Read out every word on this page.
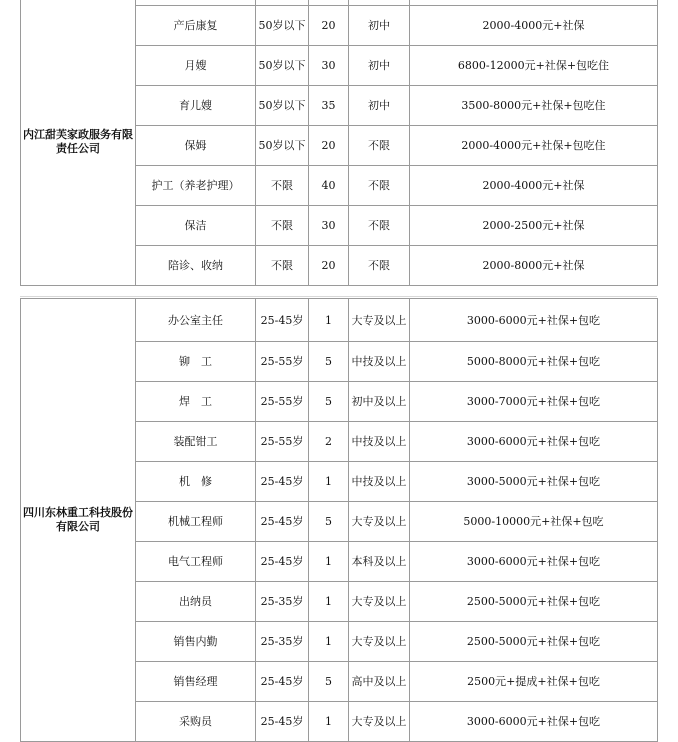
内江甜芙家政服务有限责任公司					
	产后康复	50岁以下	20	初中	2000-4000元+社保
	月嫂	50岁以下	30	初中	6800-12000元+社保+包吃住
	育儿嫂	50岁以下	35	初中	3500-8000元+社保+包吃住
	保姆	50岁以下	20	不限	2000-4000元+社保+包吃住
	护工（养老护理）	不限	40	不限	2000-4000元+社保
	保洁	不限	30	不限	2000-2500元+社保
	陪诊、收纳	不限	20	不限	2000-8000元+社保
四川东林重工科技股份有限公司	办公室主任	25-45岁	1	大专及以上	3000-6000元+社保+包吃
	铆　工	25-55岁	5	中技及以上	5000-8000元+社保+包吃
	焊　工	25-55岁	5	初中及以上	3000-7000元+社保+包吃
	装配钳工	25-55岁	2	中技及以上	3000-6000元+社保+包吃
	机　修	25-45岁	1	中技及以上	3000-5000元+社保+包吃
	机械工程师	25-45岁	5	大专及以上	5000-10000元+社保+包吃
	电气工程师	25-45岁	1	本科及以上	3000-6000元+社保+包吃
	出纳员	25-35岁	1	大专及以上	2500-5000元+社保+包吃
	销售内勤	25-35岁	1	大专及以上	2500-5000元+社保+包吃
	销售经理	25-45岁	5	高中及以上	2500元+提成+社保+包吃
	采购员	25-45岁	1	大专及以上	3000-6000元+社保+包吃
